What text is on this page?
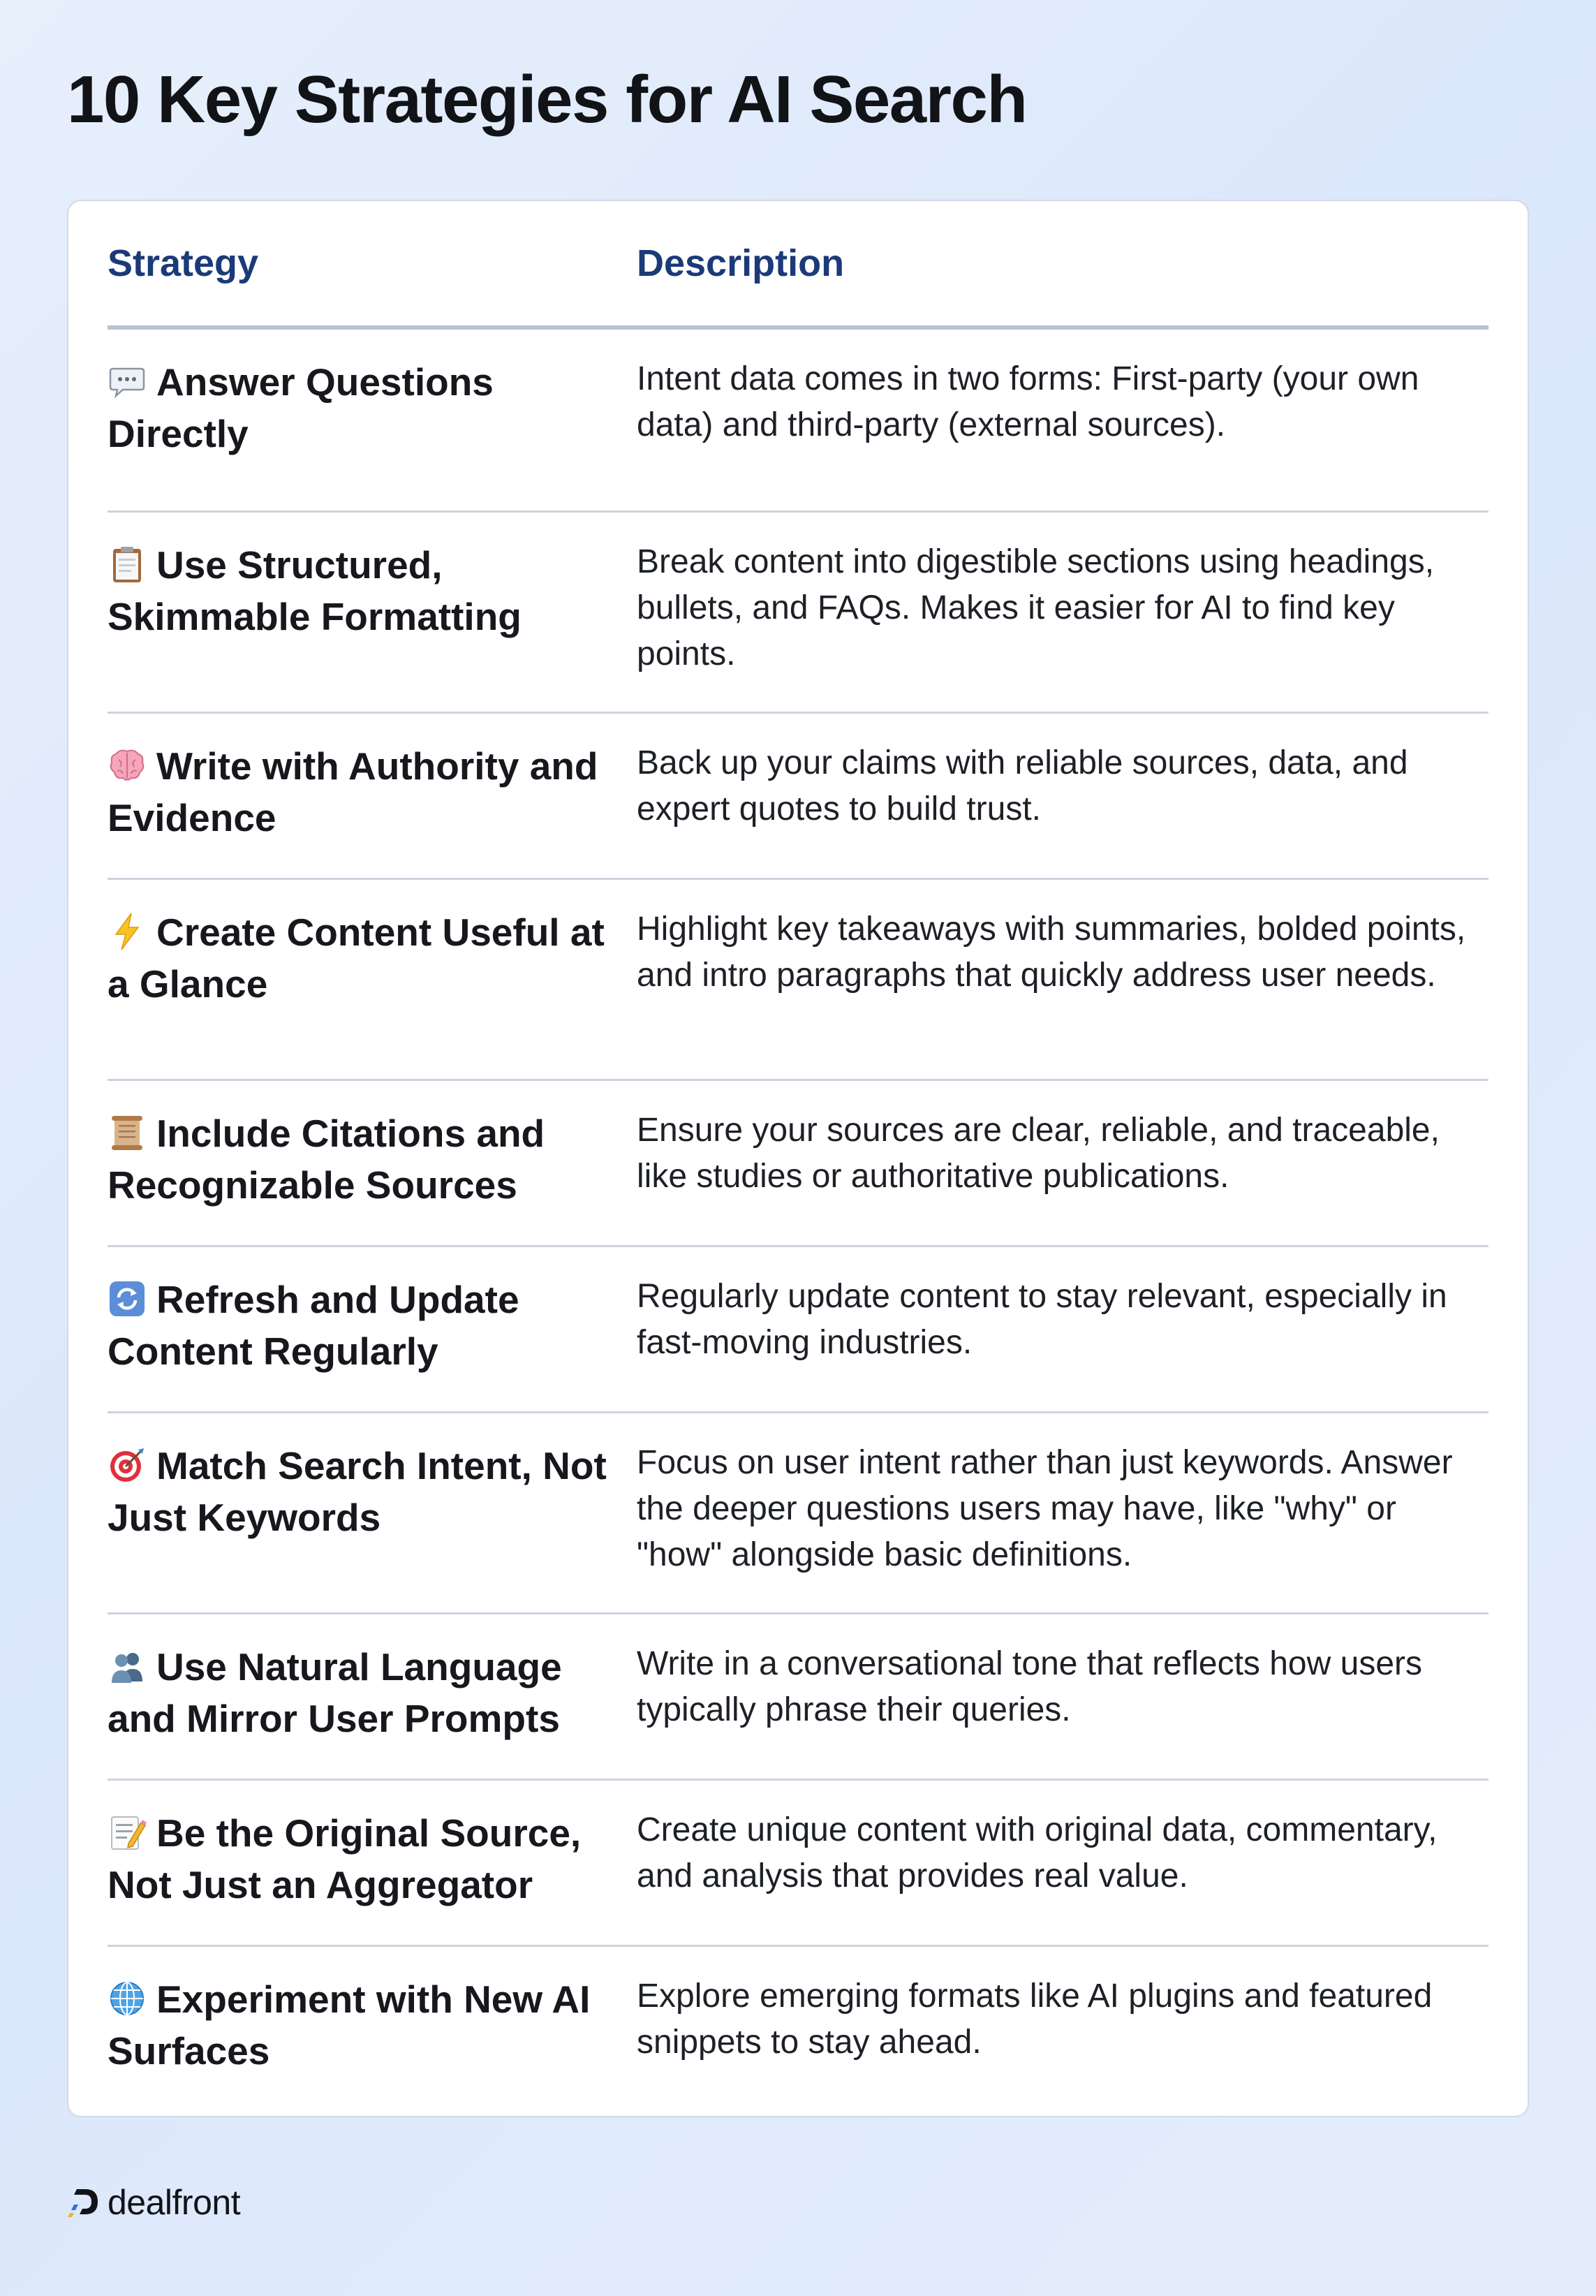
10 Key Strategies for AI Search
Strategy	Description
Answer Questions Directly
Intent data comes in two forms: First-party (your own data) and third-party (external sources).
Use Structured, Skimmable Formatting
Break content into digestible sections using headings, bullets, and FAQs. Makes it easier for AI to find key points.
Write with Authority and Evidence
Back up your claims with reliable sources, data, and expert quotes to build trust.
Create Content Useful at a Glance
Highlight key takeaways with summaries, bolded points, and intro paragraphs that quickly address user needs.
Include Citations and Recognizable Sources
Ensure your sources are clear, reliable, and traceable, like studies or authoritative publications.
Refresh and Update Content Regularly
Regularly update content to stay relevant, especially in fast-moving industries.
Match Search Intent, Not Just Keywords
Focus on user intent rather than just keywords. Answer the deeper questions users may have, like "why" or "how" alongside basic definitions.
Use Natural Language and Mirror User Prompts
Write in a conversational tone that reflects how users typically phrase their queries.
Be the Original Source, Not Just an Aggregator
Create unique content with original data, commentary, and analysis that provides real value.
Experiment with New AI Surfaces
Explore emerging formats like AI plugins and featured snippets to stay ahead.
dealfront
